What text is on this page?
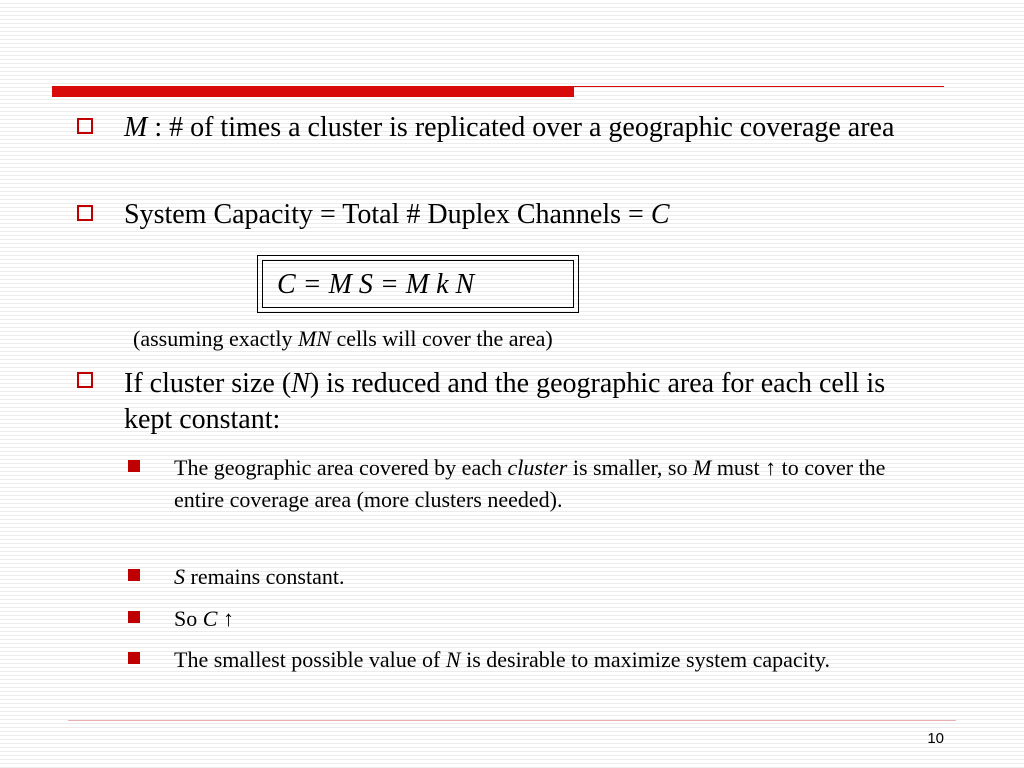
M : # of times a cluster is replicated over a geographic coverage area
System Capacity = Total # Duplex Channels = C
C = M S = M k N
(assuming exactly MN cells will cover the area)
If cluster size (N) is reduced and the geographic area for each cell is kept constant:
The geographic area covered by each cluster is smaller, so M must ↑ to cover the entire coverage area (more clusters needed).
S remains constant.
So C ↑
The smallest possible value of N is desirable to maximize system capacity.
10
